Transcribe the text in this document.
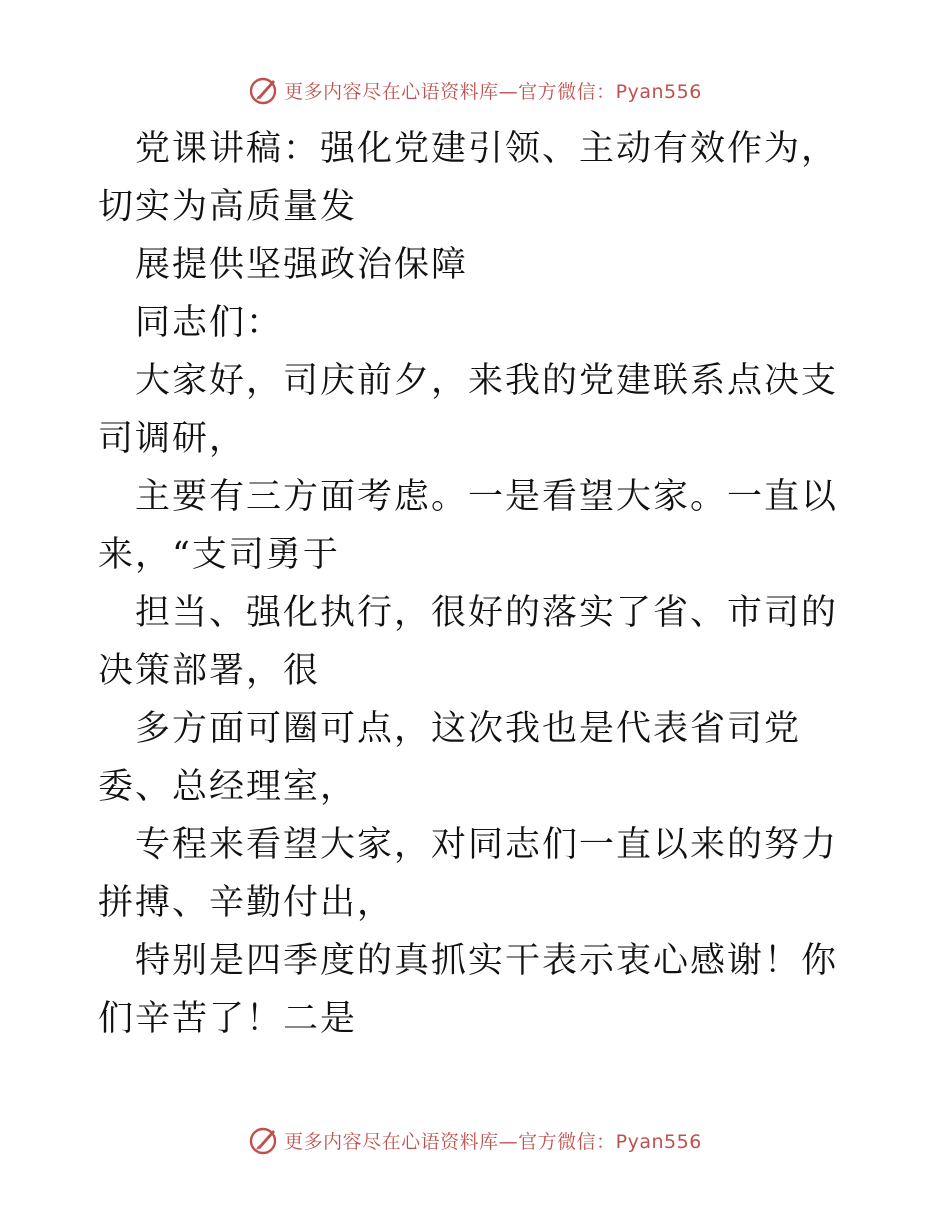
更多内容尽在心语资料库—官方微信：Pyan556

党课讲稿：强化党建引领、主动有效作为，切实为高质量发

展提供坚强政治保障

同志们：

大家好，司庆前夕，来我的党建联系点决支司调研，

主要有三方面考虑。一是看望大家。一直以来，“支司勇于

担当、强化执行，很好的落实了省、市司的决策部署，很

多方面可圈可点，这次我也是代表省司党委、总经理室，

专程来看望大家，对同志们一直以来的努力拼搏、辛勤付出，

特别是四季度的真抓实干表示衷心感谢！你们辛苦了！二是

更多内容尽在心语资料库—官方微信：Pyan556
